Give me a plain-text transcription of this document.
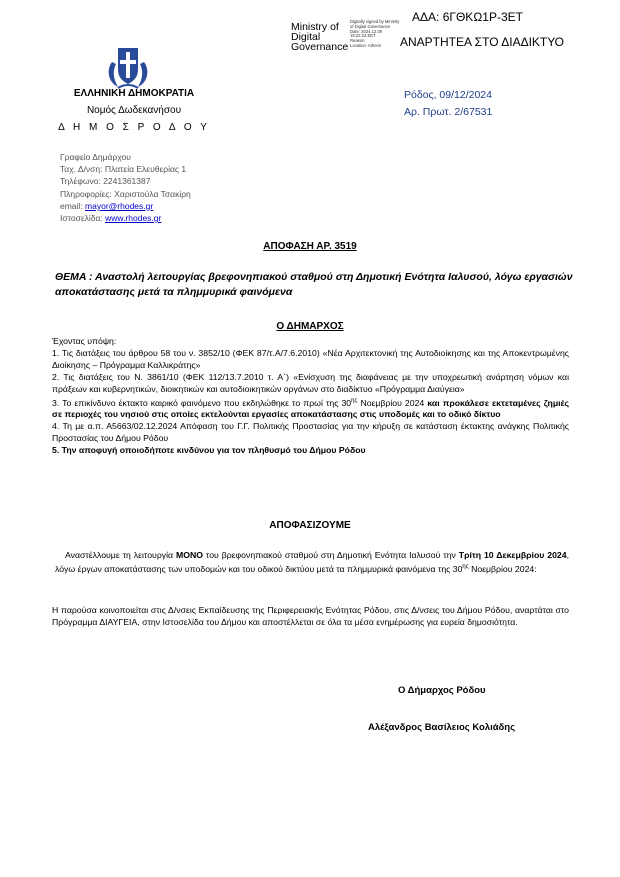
Ministry of
Digital
Governance
Digitally signed by Ministry
of Digital Governance
Date: 2024.12.09
19:22:23 EET
Reason:
Location: Athens
ΑΔΑ: 6ΓΘΚΩ1Ρ-3ΕΤ
ΑΝΑΡΤΗΤΕΑ ΣΤΟ ΔΙΑΔΙΚΤΥΟ
ΕΛΛΗΝΙΚΗ ΔΗΜΟΚΡΑΤΙΑ
Νομός Δωδεκανήσου
Δ Η Μ Ο Σ Ρ Ο Δ Ο Υ
Ρόδος, 09/12/2024
Αρ. Πρωτ. 2/67531
Γραφείο Δημάρχου
Ταχ. Δ/νση: Πλατεία Ελευθερίας 1
Τηλέφωνο: 2241361387
Πληροφορίες: Χαριστούλα Τσακίρη
email: mayor@rhodes.gr
Ιστοσελίδα: www.rhodes.gr
ΑΠΟΦΑΣΗ ΑΡ. 3519
ΘΕΜΑ : Αναστολή λειτουργίας βρεφονηπιακού σταθμού στη Δημοτική Ενότητα Ιαλυσού, λόγω εργασιών αποκατάστασης μετά τα πλημμυρικά φαινόμενα
Ο ΔΗΜΑΡΧΟΣ

Έχοντας υπόψη:

1. Τις διατάξεις του άρθρου 58 του ν. 3852/10 (ΦΕΚ 87/τ.Α/7.6.2010) «Νέα Αρχιτεκτονική της Αυτοδιοίκησης και της Αποκεντρωμένης Διοίκησης – Πρόγραμμα Καλλικράτης»

2. Τις διατάξεις του Ν. 3861/10 (ΦΕΚ 112/13.7.2010 τ. Α΄) «Ενίσχυση της διαφάνειας με την υποχρεωτική ανάρτηση νόμων και πράξεων και κυβερνητικών, διοικητικών και αυτοδιοικητικών οργάνων στο διαδίκτυο «Πρόγραμμα Διαύγεια»

3. Το επικίνδυνο έκτακτο καιρικό φαινόμενο που εκδηλώθηκε το πρωί της $30^{\eta\varsigma}$ Νοεμβρίου 2024 και προκάλεσε εκτεταμένες ζημιές σε περιοχές του νησιού στις οποίες εκτελούνται εργασίες αποκατάστασης στις υποδομές και το οδικό δίκτυο

4. Τη με α.π. Α5663/02.12.2024 Απόφαση του Γ.Γ. Πολιτικής Προστασίας για την κήρυξη σε κατάσταση έκτακτης ανάγκης Πολιτικής Προστασίας του Δήμου Ρόδου

5. Την αποφυγή οποιοδήποτε κινδύνου για τον πληθυσμό του Δήμου Ρόδου

ΑΠΟΦΑΣΙΖΟΥΜΕ
Αναστέλλουμε τη λειτουργία ΜΟΝΟ του βρεφονηπιακού σταθμού στη Δημοτική Ενότητα Ιαλυσού την Τρίτη 10 Δεκεμβρίου 2024, λόγω έργων αποκατάστασης των υποδομών και του οδικού δικτύου μετά τα πλημμυρικά φαινόμενα της $30^{\eta\varsigma}$ Νοεμβρίου 2024:
Η παρούσα κοινοποιείται στις Δ/νσεις Εκπαίδευσης της Περιφερειακής Ενότητας Ρόδου, στις Δ/νσεις του Δήμου Ρόδου, αναρτάται στο Πρόγραμμα ΔΙΑΥΓΕΙΑ, στην Ιστοσελίδα του Δήμου και αποστέλλεται σε όλα τα μέσα ενημέρωσης για ευρεία δημοσιότητα.
Ο Δήμαρχος Ρόδου
Αλέξανδρος Βασίλειος Κολιάδης
